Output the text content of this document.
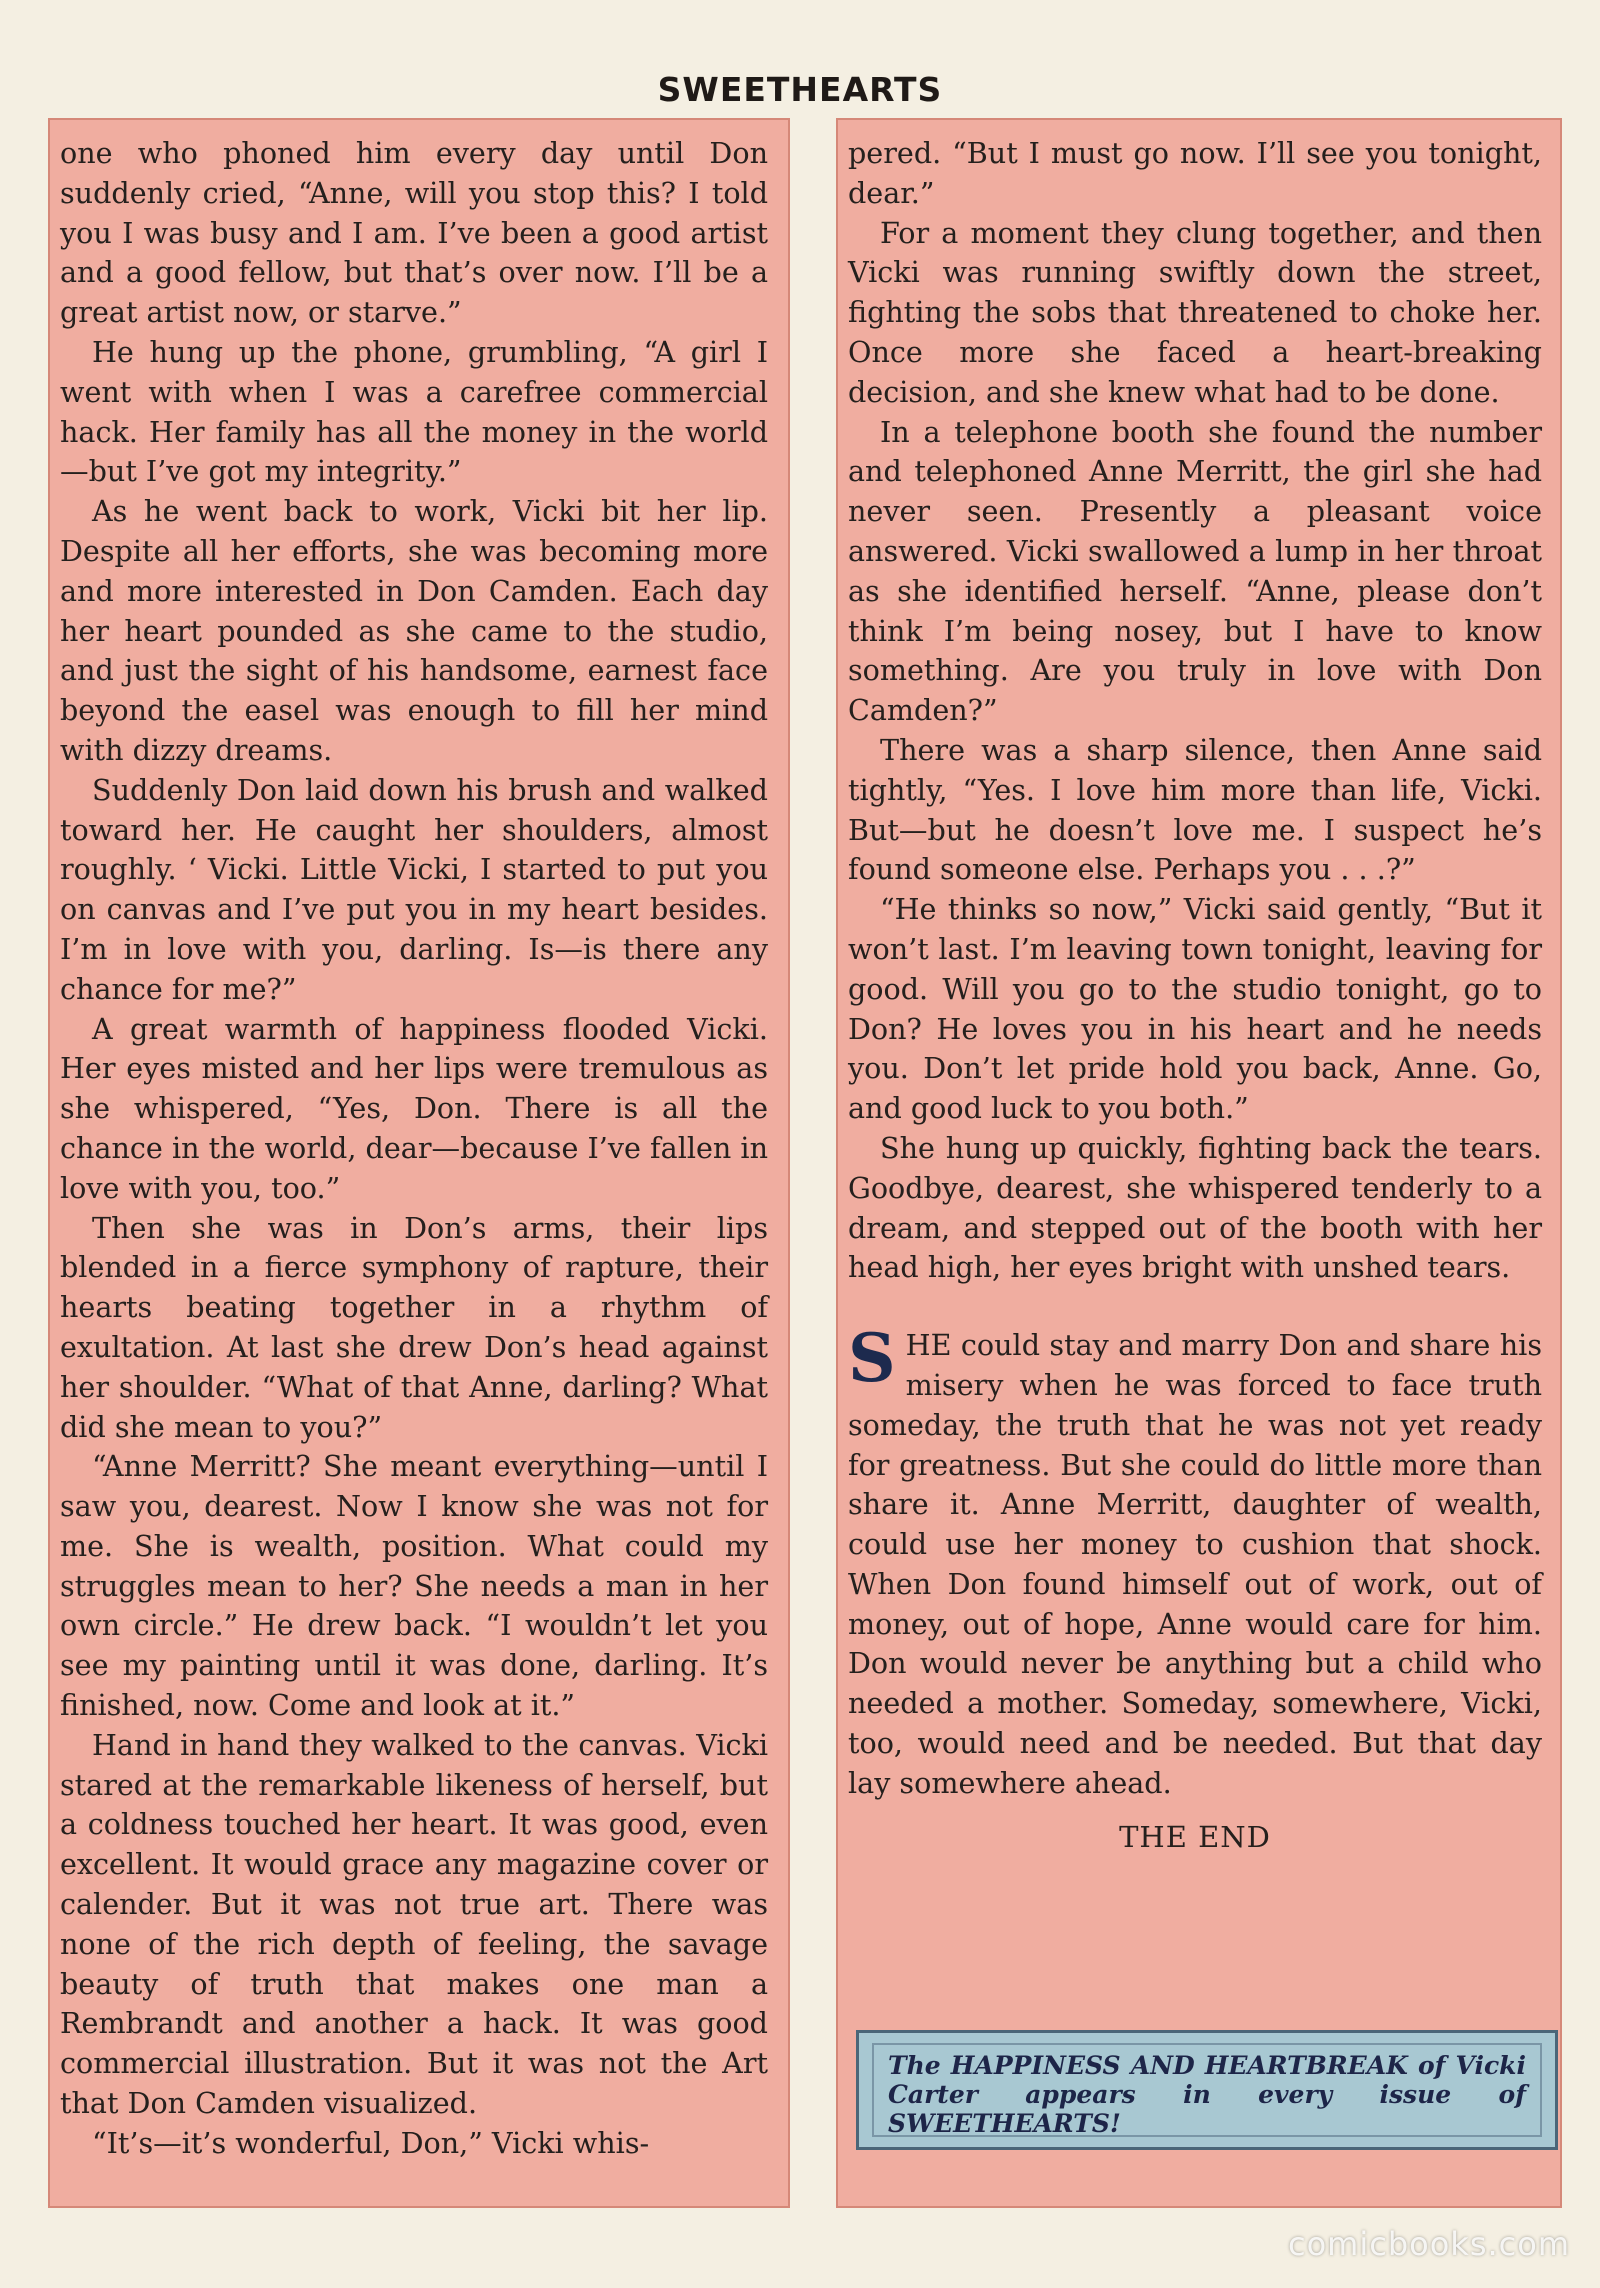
SWEETHEARTS

one who phoned him every day until Don suddenly cried, “Anne, will you stop this? I told you I was busy and I am. I’ve been a good artist and a good fellow, but that’s over now. I’ll be a great artist now, or starve.”

He hung up the phone, grumbling, “A girl I went with when I was a carefree commercial hack. Her family has all the money in the world—but I’ve got my integrity.”

As he went back to work, Vicki bit her lip. Despite all her efforts, she was becoming more and more interested in Don Camden. Each day her heart pounded as she came to the studio, and just the sight of his handsome, earnest face beyond the easel was enough to fill her mind with dizzy dreams.

Suddenly Don laid down his brush and walked toward her. He caught her shoulders, almost roughly. ‘ Vicki. Little Vicki, I started to put you on canvas and I’ve put you in my heart besides. I’m in love with you, darling. Is—is there any chance for me?”

A great warmth of happiness flooded Vicki. Her eyes misted and her lips were tremulous as she whispered, “Yes, Don. There is all the chance in the world, dear—because I’ve fallen in love with you, too.”

Then she was in Don’s arms, their lips blended in a fierce symphony of rapture, their hearts beating together in a rhythm of exultation. At last she drew Don’s head against her shoulder. “What of that Anne, darling? What did she mean to you?”

“Anne Merritt? She meant everything—until I saw you, dearest. Now I know she was not for me. She is wealth, position. What could my struggles mean to her? She needs a man in her own circle.” He drew back. “I wouldn’t let you see my painting until it was done, darling. It’s finished, now. Come and look at it.”

Hand in hand they walked to the canvas. Vicki stared at the remarkable likeness of herself, but a coldness touched her heart. It was good, even excellent. It would grace any magazine cover or calender. But it was not true art. There was none of the rich depth of feeling, the savage beauty of truth that makes one man a Rembrandt and another a hack. It was good commercial illustration. But it was not the Art that Don Camden visualized.

“It’s—it’s wonderful, Don,” Vicki whis-

pered. “But I must go now. I’ll see you tonight, dear.”

For a moment they clung together, and then Vicki was running swiftly down the street, fighting the sobs that threatened to choke her. Once more she faced a heart-breaking decision, and she knew what had to be done.

In a telephone booth she found the number and telephoned Anne Merritt, the girl she had never seen. Presently a pleasant voice answered. Vicki swallowed a lump in her throat as she identified herself. “Anne, please don’t think I’m being nosey, but I have to know something. Are you truly in love with Don Camden?”

There was a sharp silence, then Anne said tightly, “Yes. I love him more than life, Vicki. But—but he doesn’t love me. I suspect he’s found someone else. Perhaps you . . .?”

“He thinks so now,” Vicki said gently, “But it won’t last. I’m leaving town tonight, leaving for good. Will you go to the studio tonight, go to Don? He loves you in his heart and he needs you. Don’t let pride hold you back, Anne. Go, and good luck to you both.”

She hung up quickly, fighting back the tears. Goodbye, dearest, she whispered tenderly to a dream, and stepped out of the booth with her head high, her eyes bright with unshed tears.

S HE could stay and marry Don and share his misery when he was forced to face truth someday, the truth that he was not yet ready for greatness. But she could do little more than share it. Anne Merritt, daughter of wealth, could use her money to cushion that shock. When Don found himself out of work, out of money, out of hope, Anne would care for him. Don would never be anything but a child who needed a mother. Someday, somewhere, Vicki, too, would need and be needed. But that day lay somewhere ahead.

THE END
The HAPPINESS AND HEARTBREAK of Vicki Carter appears in every issue of SWEETHEARTS!
comicbooks.com
